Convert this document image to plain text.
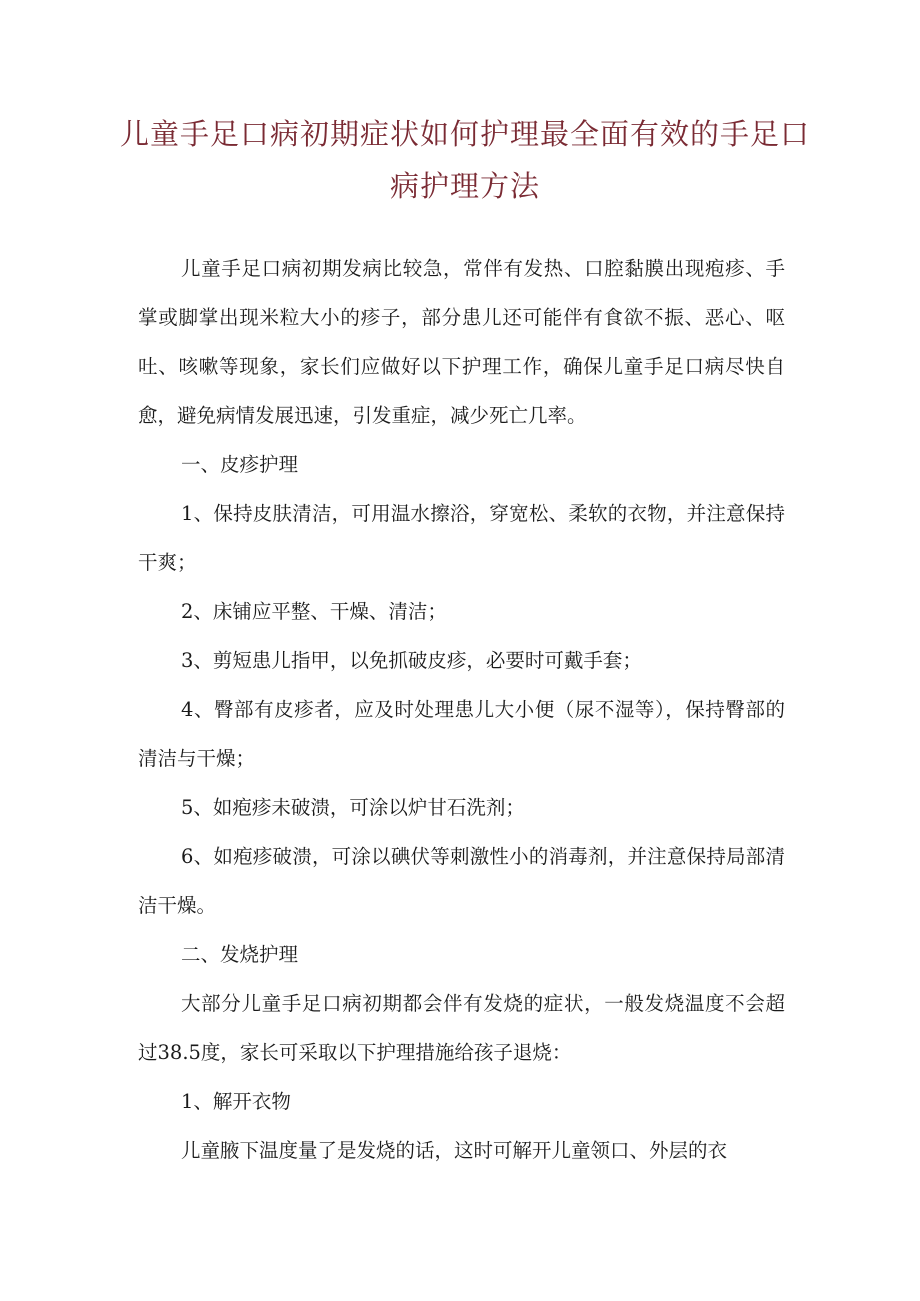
儿童手足口病初期症状如何护理最全面有效的手足口病护理方法

儿童手足口病初期发病比较急，常伴有发热、口腔黏膜出现疱疹、手掌或脚掌出现米粒大小的疹子，部分患儿还可能伴有食欲不振、恶心、呕吐、咳嗽等现象，家长们应做好以下护理工作，确保儿童手足口病尽快自愈，避免病情发展迅速，引发重症，减少死亡几率。

一、皮疹护理

1、保持皮肤清洁，可用温水擦浴，穿宽松、柔软的衣物，并注意保持干爽；

2、床铺应平整、干燥、清洁；

3、剪短患儿指甲，以免抓破皮疹，必要时可戴手套；

4、臀部有皮疹者，应及时处理患儿大小便（尿不湿等），保持臀部的清洁与干燥；

5、如疱疹未破溃，可涂以炉甘石洗剂；

6、如疱疹破溃，可涂以碘伏等刺激性小的消毒剂，并注意保持局部清洁干燥。

二、发烧护理

大部分儿童手足口病初期都会伴有发烧的症状，一般发烧温度不会超过38.5度，家长可采取以下护理措施给孩子退烧：

1、解开衣物

儿童腋下温度量了是发烧的话，这时可解开儿童领口、外层的衣
